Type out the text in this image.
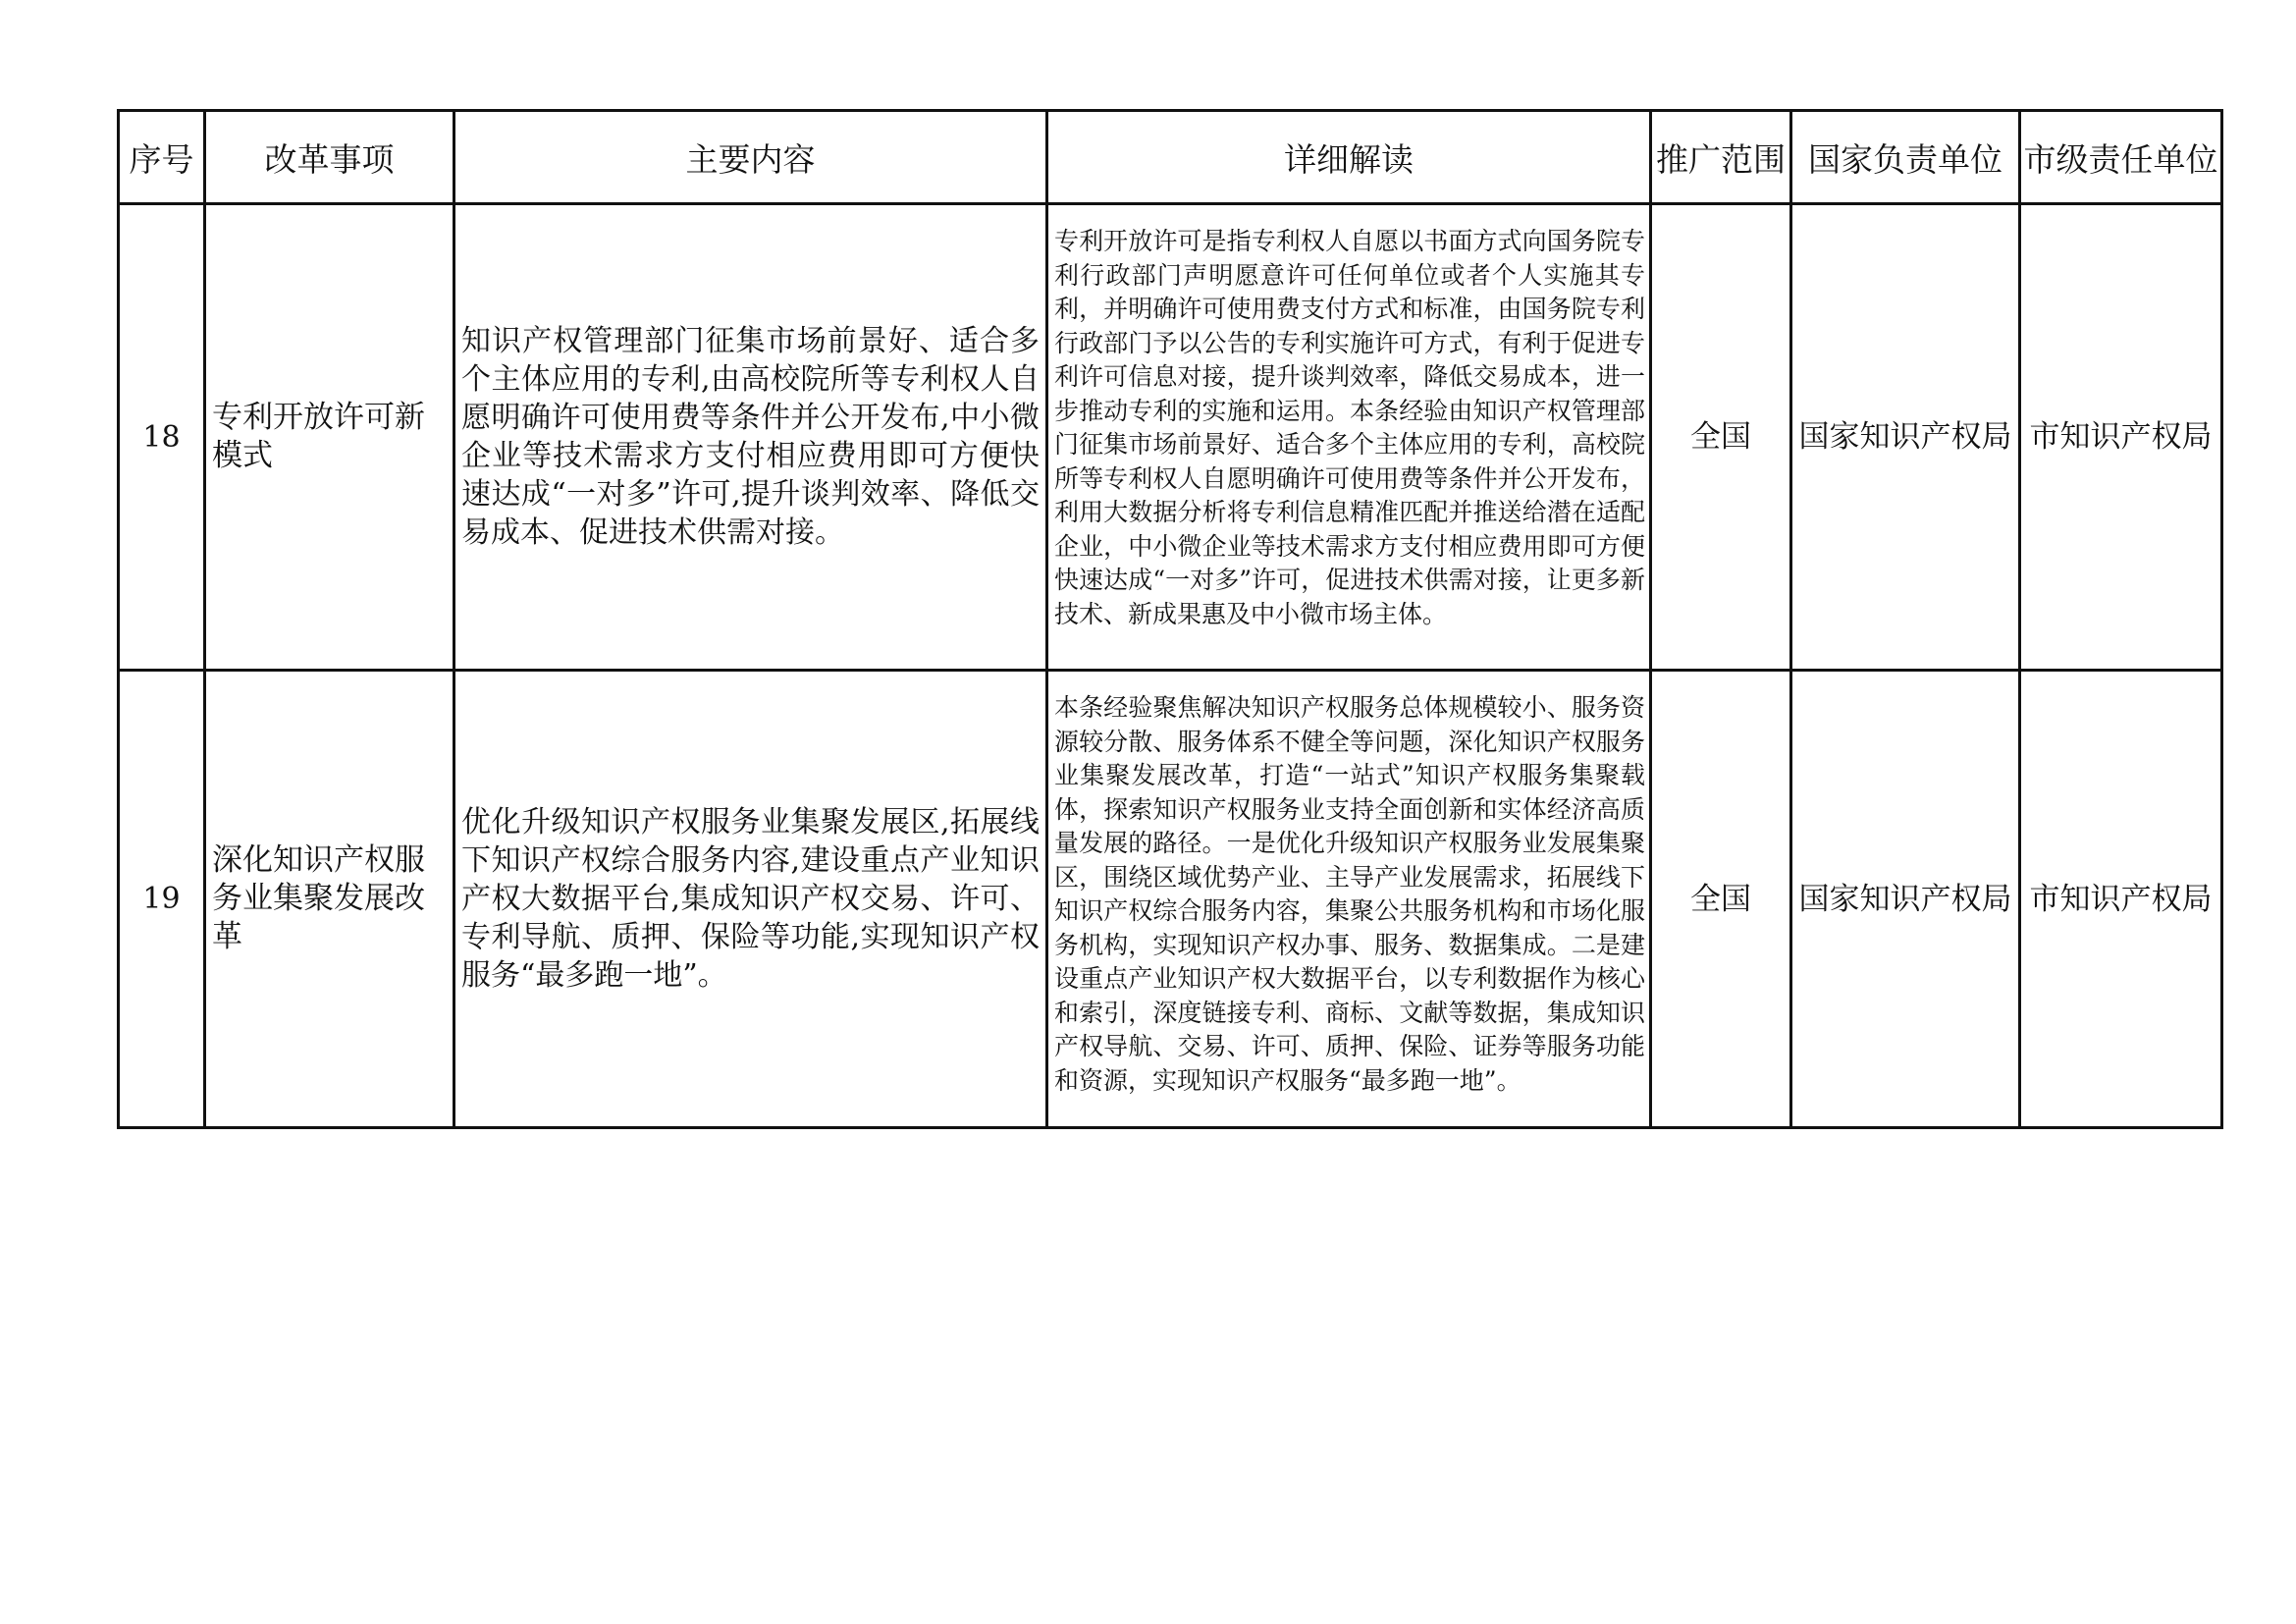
序号	改革事项	主要内容	详细解读	推广范围	国家负责单位	市级责任单位
18	专利开放许可新模式	知识产权管理部门征集市场前景好、适合多个主体应用的专利,由高校院所等专利权人自愿明确许可使用费等条件并公开发布,中小微企业等技术需求方支付相应费用即可方便快速达成“一对多”许可,提升谈判效率、降低交易成本、促进技术供需对接。	专利开放许可是指专利权人自愿以书面方式向国务院专利行政部门声明愿意许可任何单位或者个人实施其专利，并明确许可使用费支付方式和标准，由国务院专利行政部门予以公告的专利实施许可方式，有利于促进专利许可信息对接，提升谈判效率，降低交易成本，进一步推动专利的实施和运用。本条经验由知识产权管理部门征集市场前景好、适合多个主体应用的专利，高校院所等专利权人自愿明确许可使用费等条件并公开发布，利用大数据分析将专利信息精准匹配并推送给潜在适配企业，中小微企业等技术需求方支付相应费用即可方便快速达成“一对多”许可，促进技术供需对接，让更多新技术、新成果惠及中小微市场主体。	全国	国家知识产权局	市知识产权局
19	深化知识产权服务业集聚发展改革	优化升级知识产权服务业集聚发展区,拓展线下知识产权综合服务内容,建设重点产业知识产权大数据平台,集成知识产权交易、许可、专利导航、质押、保险等功能,实现知识产权服务“最多跑一地”。	本条经验聚焦解决知识产权服务总体规模较小、服务资源较分散、服务体系不健全等问题，深化知识产权服务业集聚发展改革，打造“一站式”知识产权服务集聚载体，探索知识产权服务业支持全面创新和实体经济高质量发展的路径。一是优化升级知识产权服务业发展集聚区，围绕区域优势产业、主导产业发展需求，拓展线下知识产权综合服务内容，集聚公共服务机构和市场化服务机构，实现知识产权办事、服务、数据集成。二是建设重点产业知识产权大数据平台，以专利数据作为核心和索引，深度链接专利、商标、文献等数据，集成知识产权导航、交易、许可、质押、保险、证券等服务功能和资源，实现知识产权服务“最多跑一地”。	全国	国家知识产权局	市知识产权局
